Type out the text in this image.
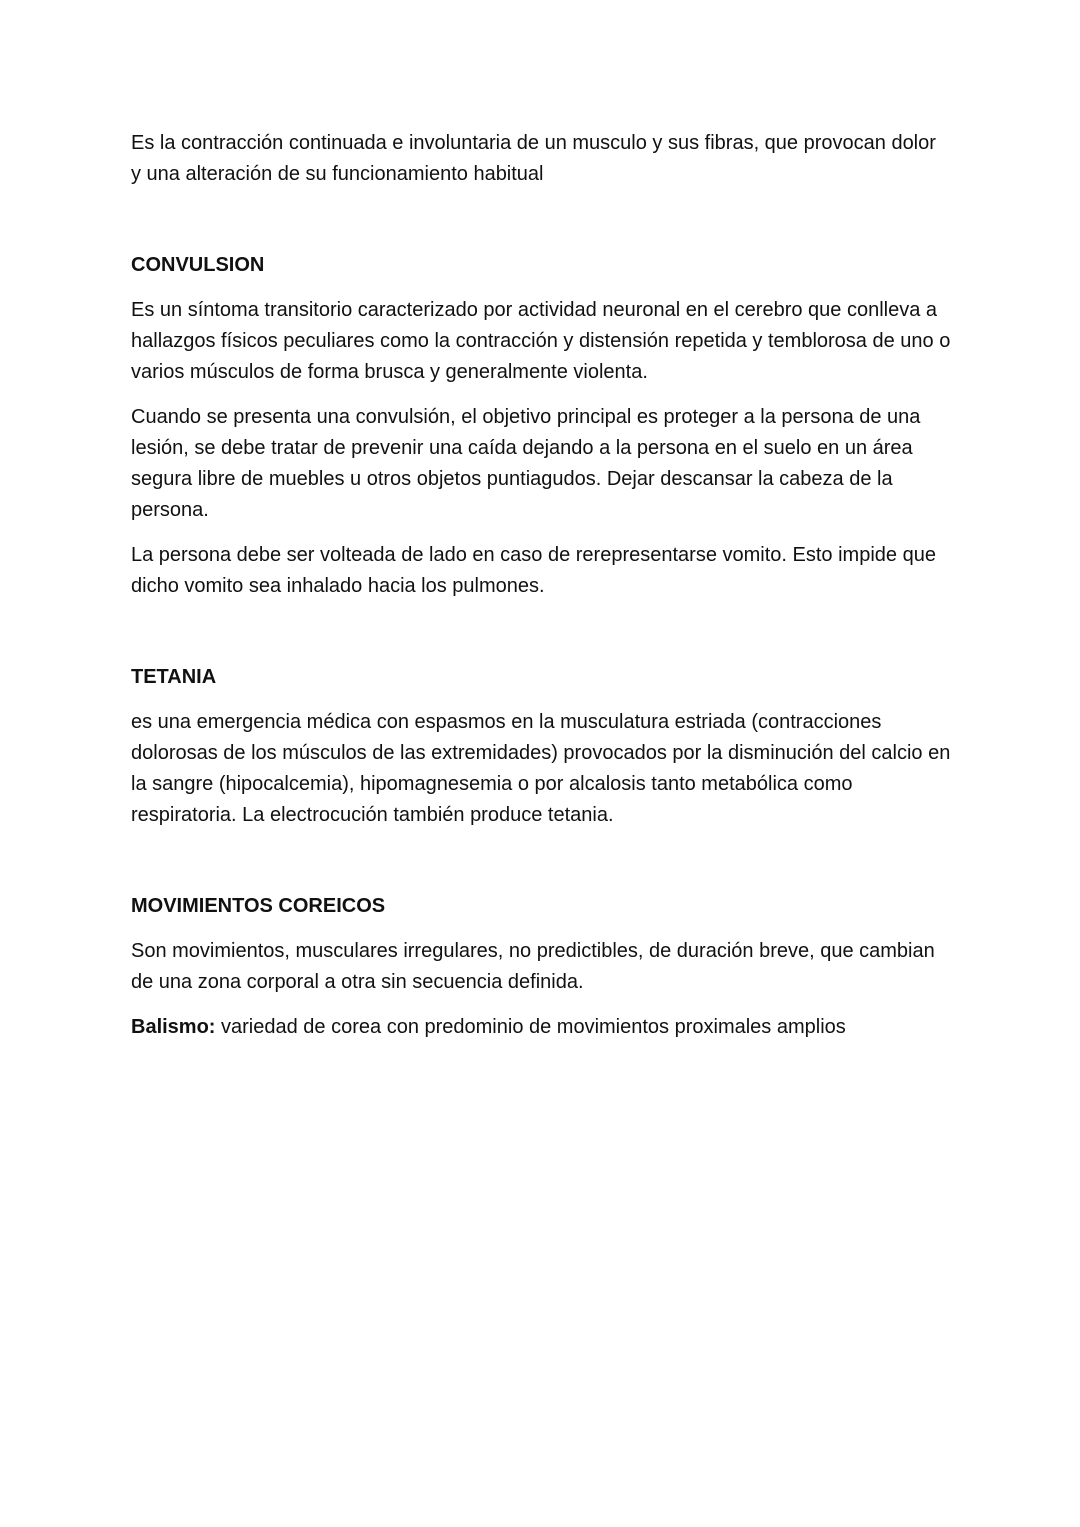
Es la contracción continuada e involuntaria de un musculo y sus fibras, que provocan dolor y una alteración de su funcionamiento habitual

CONVULSION

Es un síntoma transitorio caracterizado por actividad neuronal en el cerebro que conlleva a hallazgos físicos peculiares como la contracción y distensión repetida y temblorosa de uno o varios músculos de forma brusca y generalmente violenta.

Cuando se presenta una convulsión, el objetivo principal es proteger a la persona de una lesión, se debe tratar de prevenir una caída dejando a la persona en el suelo en un área segura libre de muebles u otros objetos puntiagudos. Dejar descansar la cabeza de la persona.

La persona debe ser volteada de lado en caso de rerepresentarse vomito. Esto impide que dicho vomito sea inhalado hacia los pulmones.

TETANIA

es una emergencia médica con espasmos en la musculatura estriada (contracciones dolorosas de los músculos de las extremidades) provocados por la disminución del calcio en la sangre (hipocalcemia), hipomagnesemia o por alcalosis tanto metabólica como respiratoria. La electrocución también produce tetania.

MOVIMIENTOS COREICOS

Son movimientos, musculares irregulares, no predictibles, de duración breve, que cambian de una zona corporal a otra sin secuencia definida.

Balismo: variedad de corea con predominio de movimientos proximales amplios
